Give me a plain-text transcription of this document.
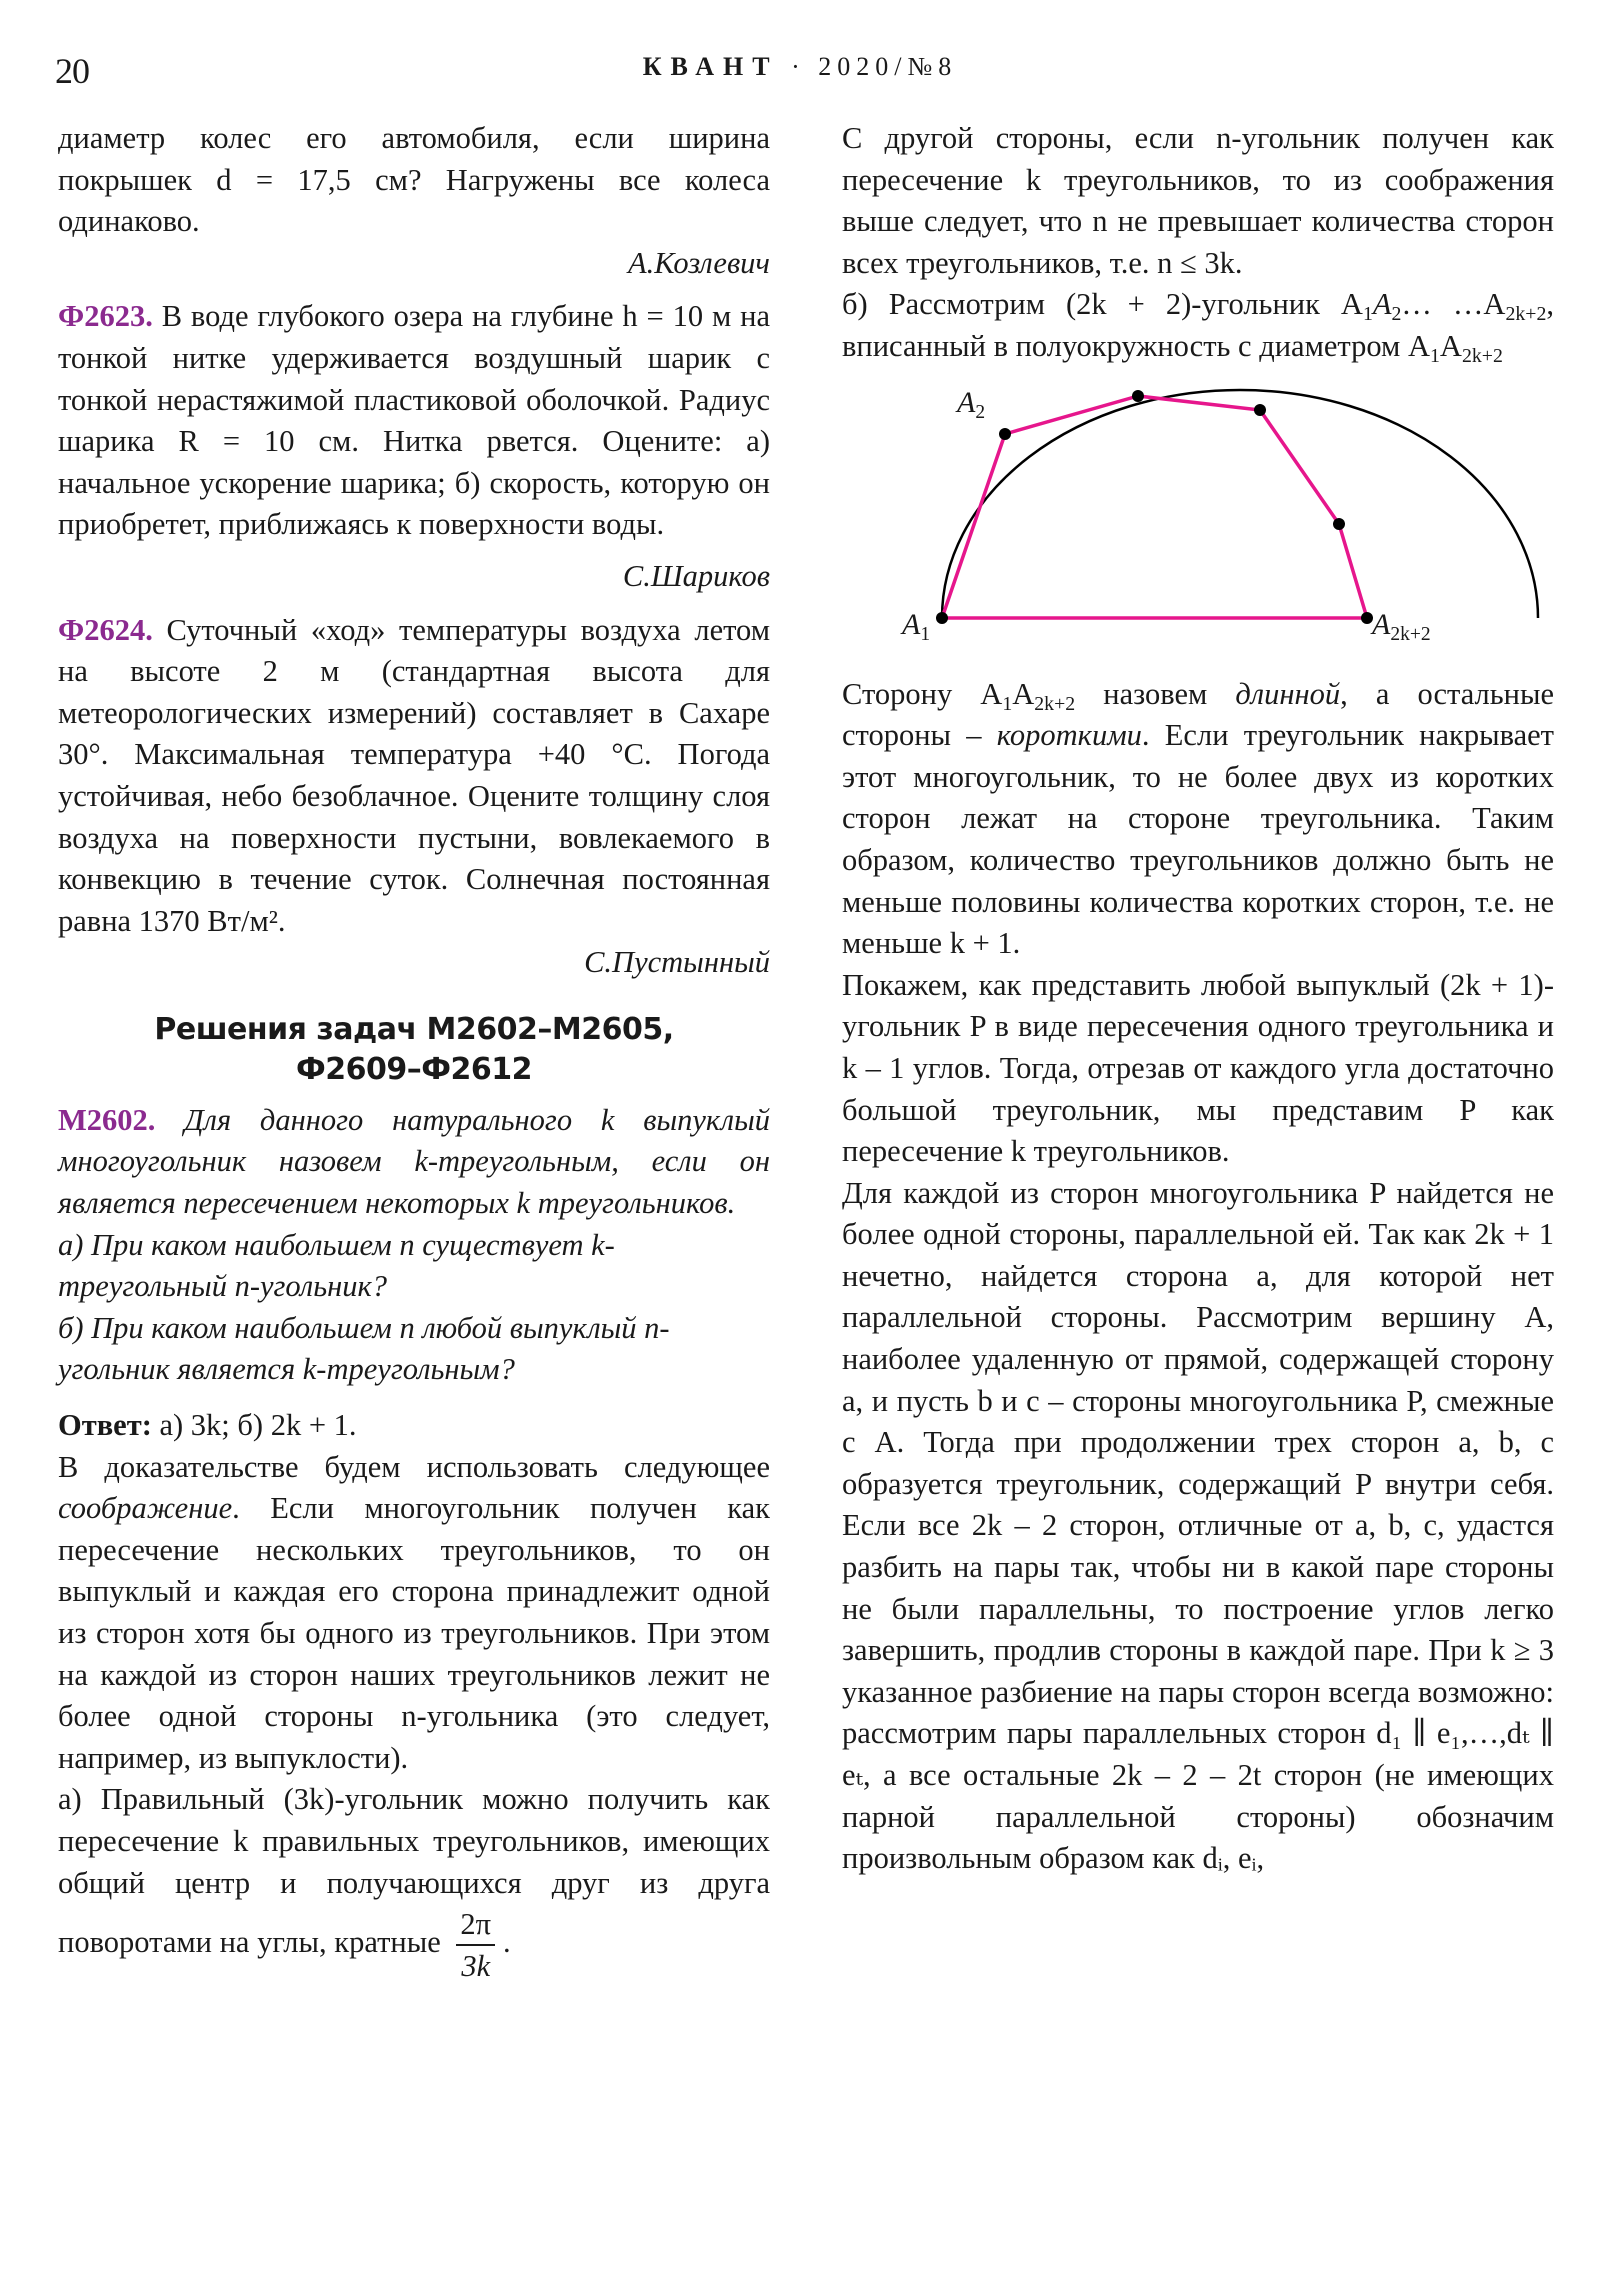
20	КВАНТ · 2020/№8

диаметр колес его автомобиля, если ширина покрышек d = 17,5 см? Нагружены все колеса одинаково.

А.Козлевич

Ф2623. В воде глубокого озера на глубине h = 10 м на тонкой нитке удерживается воздушный шарик с тонкой нерастяжимой пластиковой оболочкой. Радиус шарика R = 10 см. Нитка рвется. Оцените: а) начальное ускорение шарика; б) скорость, которую он приобретет, приближаясь к поверхности воды.

С.Шариков

Ф2624. Суточный «ход» температуры воздуха летом на высоте 2 м (стандартная высота для метеорологических измерений) составляет в Сахаре 30°. Максимальная температура +40 °С. Погода устойчивая, небо безоблачное. Оцените толщину слоя воздуха на поверхности пустыни, вовлекаемого в конвекцию в течение суток. Солнечная постоянная равна 1370 Вт/м².

С.Пустынный

Решения задач М2602–М2605,
Ф2609–Ф2612

М2602. Для данного натурального k выпуклый многоугольник назовем k-треугольным, если он является пересечением некоторых k треугольников.

а) При каком наибольшем n существует k-треугольный n-угольник?

б) При каком наибольшем n любой выпуклый n-угольник является k-треугольным?

Ответ: а) 3k; б) 2k + 1.

В доказательстве будем использовать следующее соображение. Если многоугольник получен как пересечение нескольких треугольников, то он выпуклый и каждая его сторона принадлежит одной из сторон хотя бы одного из треугольников. При этом на каждой из сторон наших треугольников лежит не более одной стороны n-угольника (это следует, например, из выпуклости).

а) Правильный (3k)-угольник можно получить как пересечение k правильных треугольников, имеющих общий центр и получающихся друг из друга поворотами на углы, кратные $\frac{2\pi}{3k}$ .

С другой стороны, если n-угольник получен как пересечение k треугольников, то из соображения выше следует, что n не превышает количества сторон всех треугольников, т.е. n ≤ 3k.

б) Рассмотрим (2k + 2)-угольник $A_1A_2\dots$ $\dots A_{2k+2}$, вписанный в полуокружность с диаметром $A_1A_{2k+2}$

$A_1$
$A_2$
$A_{2k+2}$

Сторону $A_1A_{2k+2}$ назовем длинной, а остальные стороны – короткими. Если треугольник накрывает этот многоугольник, то не более двух из коротких сторон лежат на стороне треугольника. Таким образом, количество треугольников должно быть не меньше половины количества коротких сторон, т.е. не меньше k + 1.

Покажем, как представить любой выпуклый (2k + 1)-угольник P в виде пересечения одного треугольника и k – 1 углов. Тогда, отрезав от каждого угла достаточно большой треугольник, мы представим P как пересечение k треугольников.

Для каждой из сторон многоугольника P найдется не более одной стороны, параллельной ей. Так как 2k + 1 нечетно, найдется сторона a, для которой нет параллельной стороны. Рассмотрим вершину A, наиболее удаленную от прямой, содержащей сторону a, и пусть b и c – стороны многоугольника P, смежные с A. Тогда при продолжении трех сторон a, b, c образуется треугольник, содержащий P внутри себя. Если все 2k – 2 сторон, отличные от a, b, c, удастся разбить на пары так, чтобы ни в какой паре стороны не были параллельны, то построение углов легко завершить, продлив стороны в каждой паре. При k ≥ 3 указанное разбиение на пары сторон всегда возможно: рассмотрим пары параллельных сторон d₁ ∥ e₁,…,dₜ ∥ eₜ, а все остальные 2k – 2 – 2t сторон (не имеющих парной параллельной стороны) обозначим произвольным образом как dᵢ, eᵢ,
